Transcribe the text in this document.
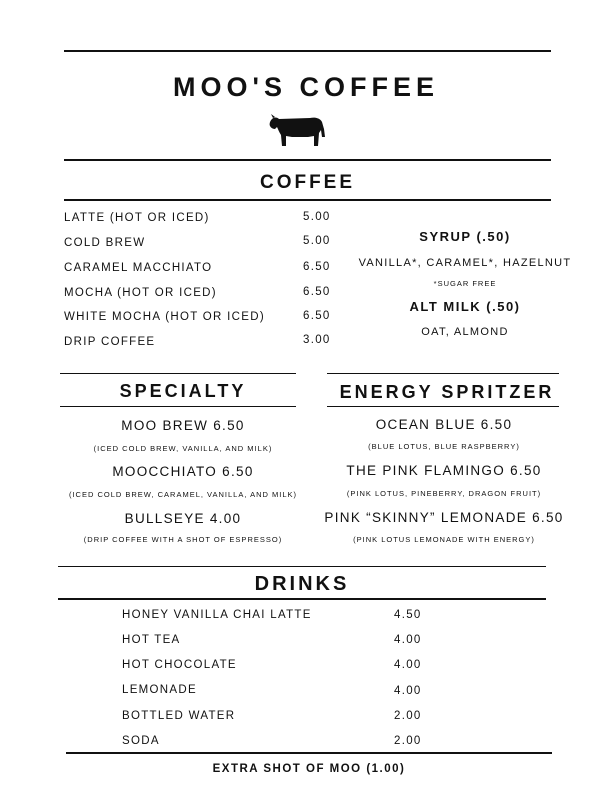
MOO'S COFFEE
COFFEE
LATTE (HOT OR ICED)	5.00
COLD BREW	5.00
CARAMEL MACCHIATO	6.50
MOCHA (HOT OR ICED)	6.50
WHITE MOCHA (HOT OR ICED)	6.50
DRIP COFFEE	3.00
SYRUP (.50)
VANILLA*, CARAMEL*, HAZELNUT
*SUGAR FREE
ALT MILK (.50)
OAT, ALMOND
SPECIALTY
MOO BREW 6.50
(ICED COLD BREW, VANILLA, AND MILK)
MOOCCHIATO 6.50
(ICED COLD BREW, CARAMEL, VANILLA, AND MILK)
BULLSEYE 4.00
(DRIP COFFEE WITH A SHOT OF ESPRESSO)
ENERGY SPRITZER
OCEAN BLUE 6.50
(BLUE LOTUS, BLUE RASPBERRY)
THE PINK FLAMINGO 6.50
(PINK LOTUS, PINEBERRY, DRAGON FRUIT)
PINK “SKINNY” LEMONADE 6.50
(PINK LOTUS LEMONADE WITH ENERGY)
DRINKS
HONEY VANILLA CHAI LATTE	4.50
HOT TEA	4.00
HOT CHOCOLATE	4.00
LEMONADE	4.00
BOTTLED WATER	2.00
SODA	2.00
EXTRA SHOT OF MOO (1.00)
